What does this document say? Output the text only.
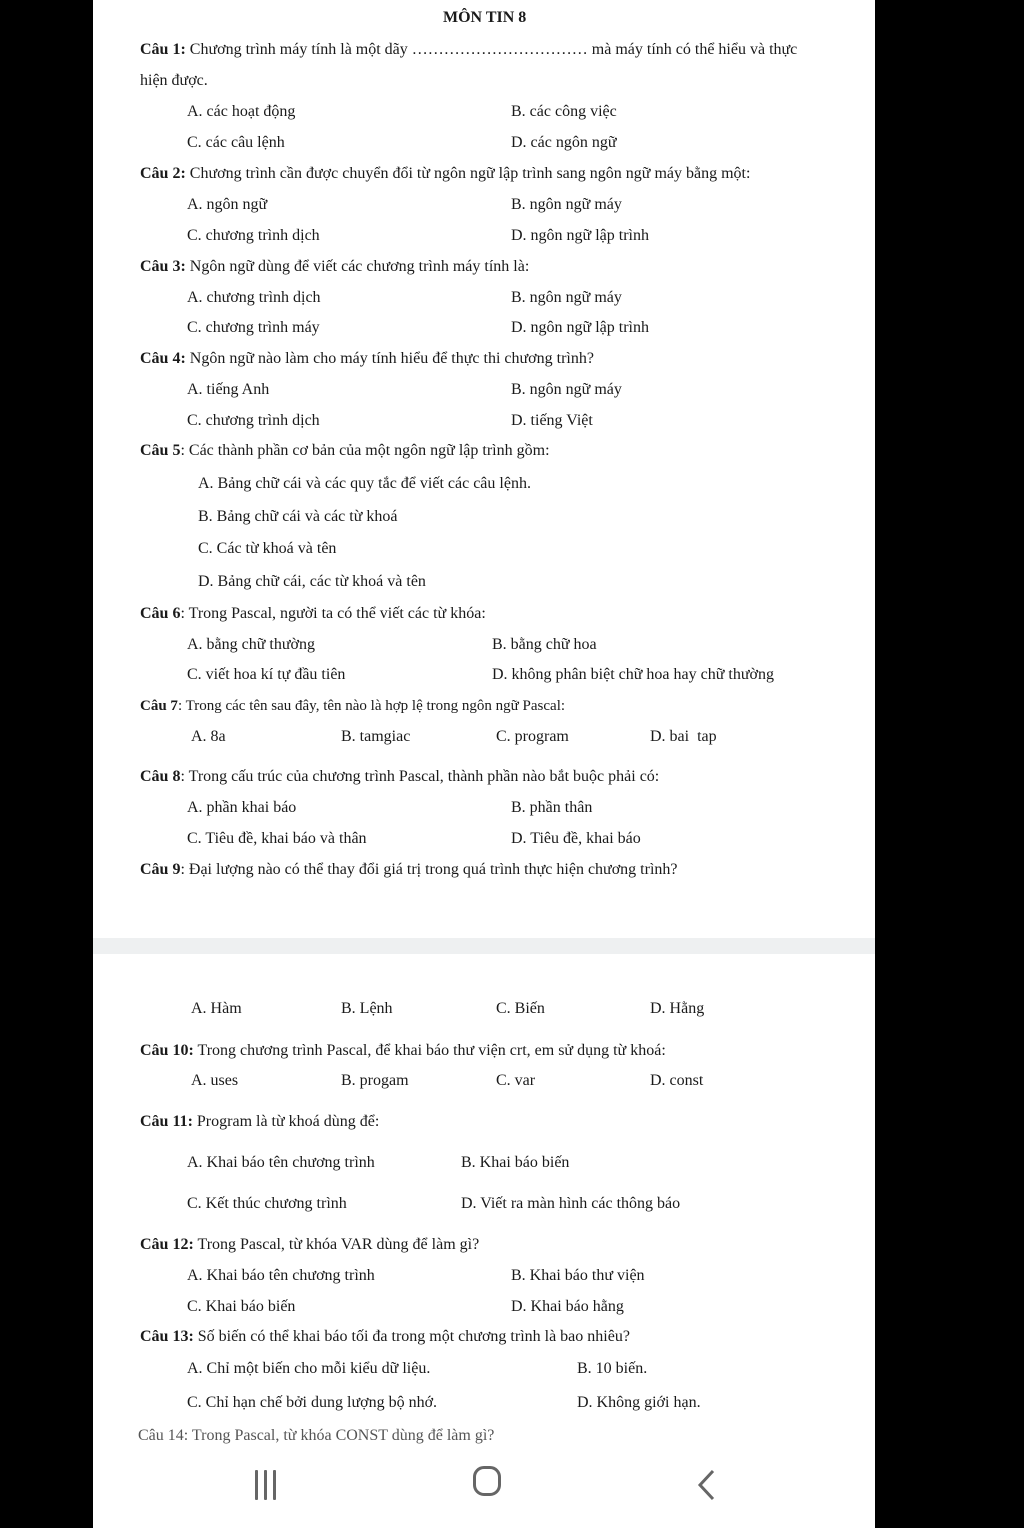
MÔN TIN 8
Câu 1: Chương trình máy tính là một dãy …………………………… mà máy tính có thể hiểu và thực
hiện được.
A. các hoạt động	B. các công việc
C. các câu lệnh	D. các ngôn ngữ
Câu 2: Chương trình cần được chuyển đổi từ ngôn ngữ lập trình sang ngôn ngữ máy bằng một:
A. ngôn ngữ	B. ngôn ngữ máy
C. chương trình dịch	D. ngôn ngữ lập trình
Câu 3: Ngôn ngữ dùng để viết các chương trình máy tính là:
A. chương trình dịch	B. ngôn ngữ máy
C. chương trình máy	D. ngôn ngữ lập trình
Câu 4: Ngôn ngữ nào làm cho máy tính hiểu để thực thi chương trình?
A. tiếng Anh	B. ngôn ngữ máy
C. chương trình dịch	D. tiếng Việt
Câu 5: Các thành phần cơ bản của một ngôn ngữ lập trình gồm:
A. Bảng chữ cái và các quy tắc để viết các câu lệnh.
B. Bảng chữ cái và các từ khoá
C. Các từ khoá và tên
D. Bảng chữ cái, các từ khoá và tên
Câu 6: Trong Pascal, người ta có thể viết các từ khóa:
A. bằng chữ thường	B. bằng chữ hoa
C. viết hoa kí tự đầu tiên	D. không phân biệt chữ hoa hay chữ thường
Câu 7: Trong các tên sau đây, tên nào là hợp lệ trong ngôn ngữ Pascal:
A. 8a	B. tamgiac	C. program	D. bai  tap
Câu 8: Trong cấu trúc của chương trình Pascal, thành phần nào bắt buộc phải có:
A. phần khai báo	B. phần thân
C. Tiêu đề, khai báo và thân	D. Tiêu đề, khai báo
Câu 9: Đại lượng nào có thể thay đổi giá trị trong quá trình thực hiện chương trình?
A. Hàm	B. Lệnh	C. Biến	D. Hằng
Câu 10: Trong chương trình Pascal, để khai báo thư viện crt, em sử dụng từ khoá:
A. uses	B. progam	C. var	D. const
Câu 11: Program là từ khoá dùng để:
A. Khai báo tên chương trình	B. Khai báo biến
C. Kết thúc chương trình	D. Viết ra màn hình các thông báo
Câu 12: Trong Pascal, từ khóa VAR dùng để làm gì?
A. Khai báo tên chương trình	B. Khai báo thư viện
C. Khai báo biến	D. Khai báo hằng
Câu 13: Số biến có thể khai báo tối đa trong một chương trình là bao nhiêu?
A. Chỉ một biến cho mỗi kiểu dữ liệu.	B. 10 biến.
C. Chỉ hạn chế bởi dung lượng bộ nhớ.	D. Không giới hạn.
Câu 14: Trong Pascal, từ khóa CONST dùng để làm gì?
